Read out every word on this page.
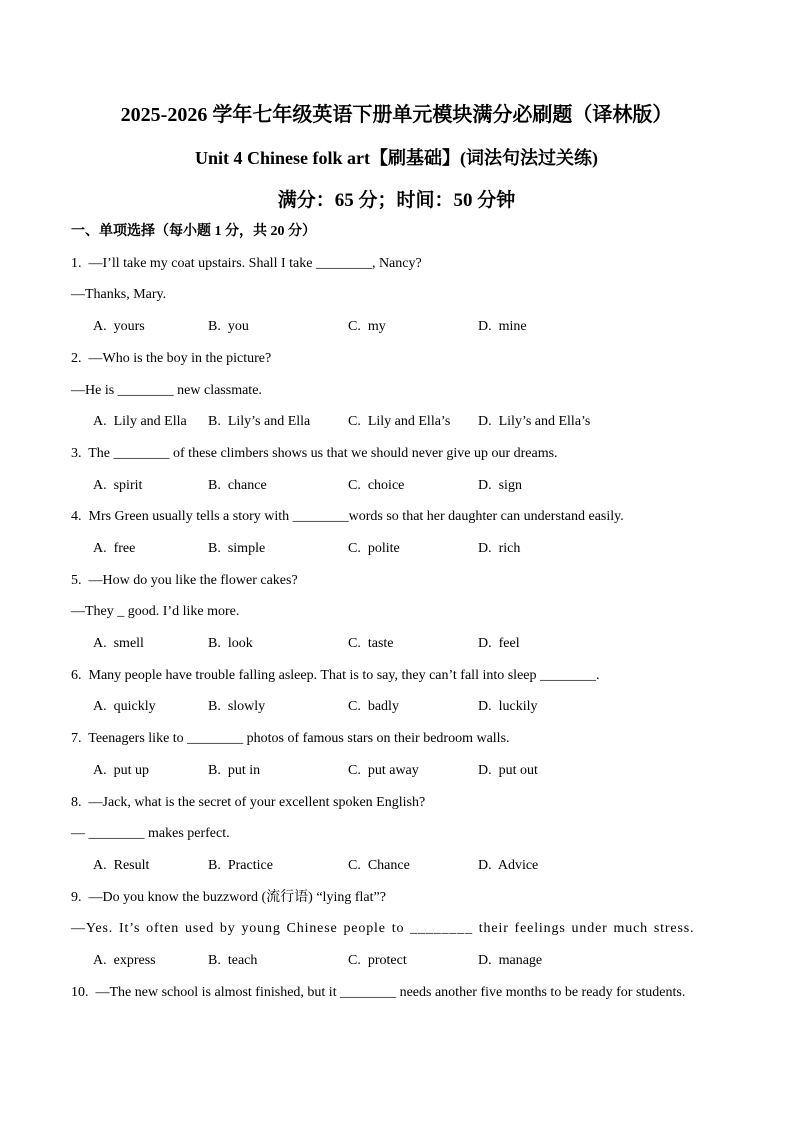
2025-2026 学年七年级英语下册单元模块满分必刷题（译林版）

Unit 4 Chinese folk art【刷基础】(词法句法过关练)

满分：65 分；时间：50 分钟

一、单项选择（每小题 1 分，共 20 分）

1.  —I’ll take my coat upstairs. Shall I take ________, Nancy?

—Thanks, Mary.

A.  yours

	B.  you

	C.  my

	D.  mine

2.  —Who is the boy in the picture?

—He is ________ new classmate.

A.  Lily and Ella

B.  Lily’s and Ella

	C.  Lily and Ella’s

D.  Lily’s and Ella’s

3.  The ________ of these climbers shows us that we should never give up our dreams.

A.  spirit

	B.  chance

	C.  choice

	D.  sign

4.  Mrs Green usually tells a story with ________words so that her daughter can understand easily.

A.  free

	B.  simple

	C.  polite

	D.  rich

5.  —How do you like the flower cakes?

—They _ good. I’d like more.

A.  smell

	B.  look

	C.  taste

	D.  feel

6.  Many people have trouble falling asleep. That is to say, they can’t fall into sleep ________.

A.  quickly

	B.  slowly

	C.  badly

	D.  luckily

7.  Teenagers like to ________ photos of famous stars on their bedroom walls.

A.  put up

	B.  put in

	C.  put away

	D.  put out

8.  —Jack, what is the secret of your excellent spoken English?

— ________ makes perfect.

A.  Result

	B.  Practice

	C.  Chance

	D.  Advice

9.  —Do you know the buzzword (流行语) “lying flat”?

—Yes. It’s often used by young Chinese people to ________ their feelings under much stress.

A.  express

	B.  teach

	C.  protect

	D.  manage

10.  —The new school is almost finished, but it ________ needs another five months to be ready for students.
